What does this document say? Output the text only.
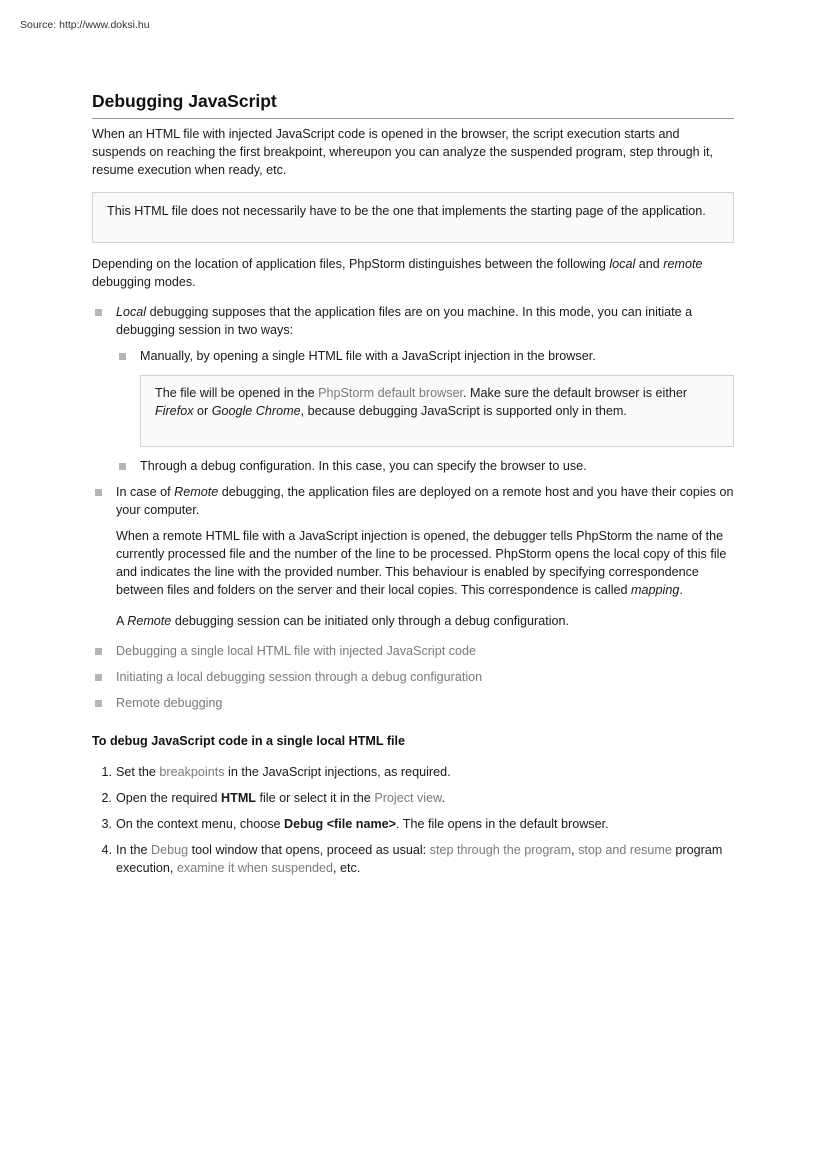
Source: http://www.doksi.hu
Debugging JavaScript

When an HTML file with injected JavaScript code is opened in the browser, the script execution starts and suspends on reaching the first breakpoint, whereupon you can analyze the suspended program, step through it, resume execution when ready, etc.

This HTML file does not necessarily have to be the one that implements the starting page of the application.

Depending on the location of application files, PhpStorm distinguishes between the following local and remote debugging modes.

Local debugging supposes that the application files are on you machine. In this mode, you can initiate a debugging session in two ways:
Manually, by opening a single HTML file with a JavaScript injection in the browser.
The file will be opened in the PhpStorm default browser. Make sure the default browser is either Firefox or Google Chrome, because debugging JavaScript is supported only in them.
Through a debug configuration. In this case, you can specify the browser to use.
In case of Remote debugging, the application files are deployed on a remote host and you have their copies on your computer.

When a remote HTML file with a JavaScript injection is opened, the debugger tells PhpStorm the name of the currently processed file and the number of the line to be processed. PhpStorm opens the local copy of this file and indicates the line with the provided number. This behaviour is enabled by specifying correspondence between files and folders on the server and their local copies. This correspondence is called mapping.

A Remote debugging session can be initiated only through a debug configuration.

Debugging a single local HTML file with injected JavaScript code
Initiating a local debugging session through a debug configuration
Remote debugging
To debug JavaScript code in a single local HTML file
1. Set the breakpoints in the JavaScript injections, as required.
2. Open the required HTML file or select it in the Project view.
3. On the context menu, choose Debug <file name>. The file opens in the default browser.
4. In the Debug tool window that opens, proceed as usual: step through the program, stop and resume program execution, examine it when suspended, etc.
